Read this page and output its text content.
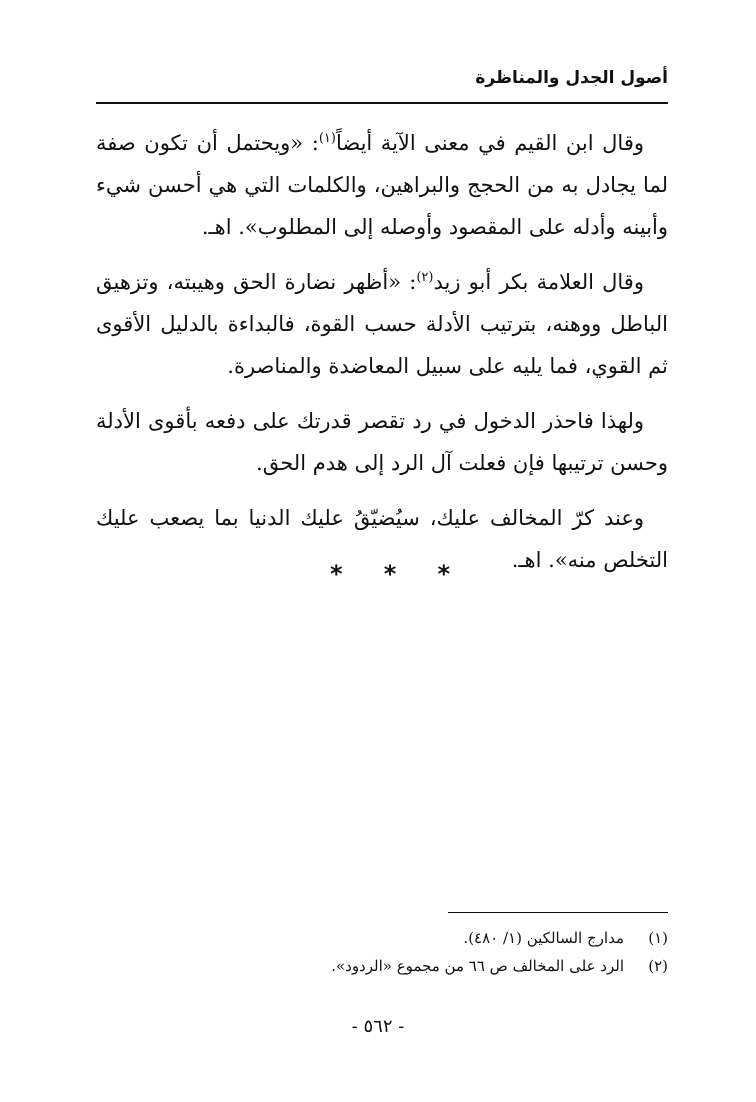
أصول الجدل والمناظرة

وقال ابن القيم في معنى الآية أيضاً$^{(١)}$: «ويحتمل أن تكون صفة لما يجادل به من الحجج والبراهين، والكلمات التي هي أحسن شيء وأبينه وأدله على المقصود وأوصله إلى المطلوب». اهـ.

وقال العلامة بكر أبو زيد$^{(٢)}$: «أظهر نضارة الحق وهيبته، وتزهيق الباطل ووهنه، بترتيب الأدلة حسب القوة، فالبداءة بالدليل الأقوى ثم القوي، فما يليه على سبيل المعاضدة والمناصرة.

ولهذا فاحذر الدخول في رد تقصر قدرتك على دفعه بأقوى الأدلة وحسن ترتيبها فإن فعلت آل الرد إلى هدم الحق.

وعند كرّ المخالف عليك، سيُضيّقُ عليك الدنيا بما يصعب عليك التخلص منه». اهـ.

* * *
(١)
مدارج السالكين (١/ ٤٨٠).
(٢)
الرد على المخالف ص ٦٦ من مجموع «الردود».
- ٥٦٢ -
